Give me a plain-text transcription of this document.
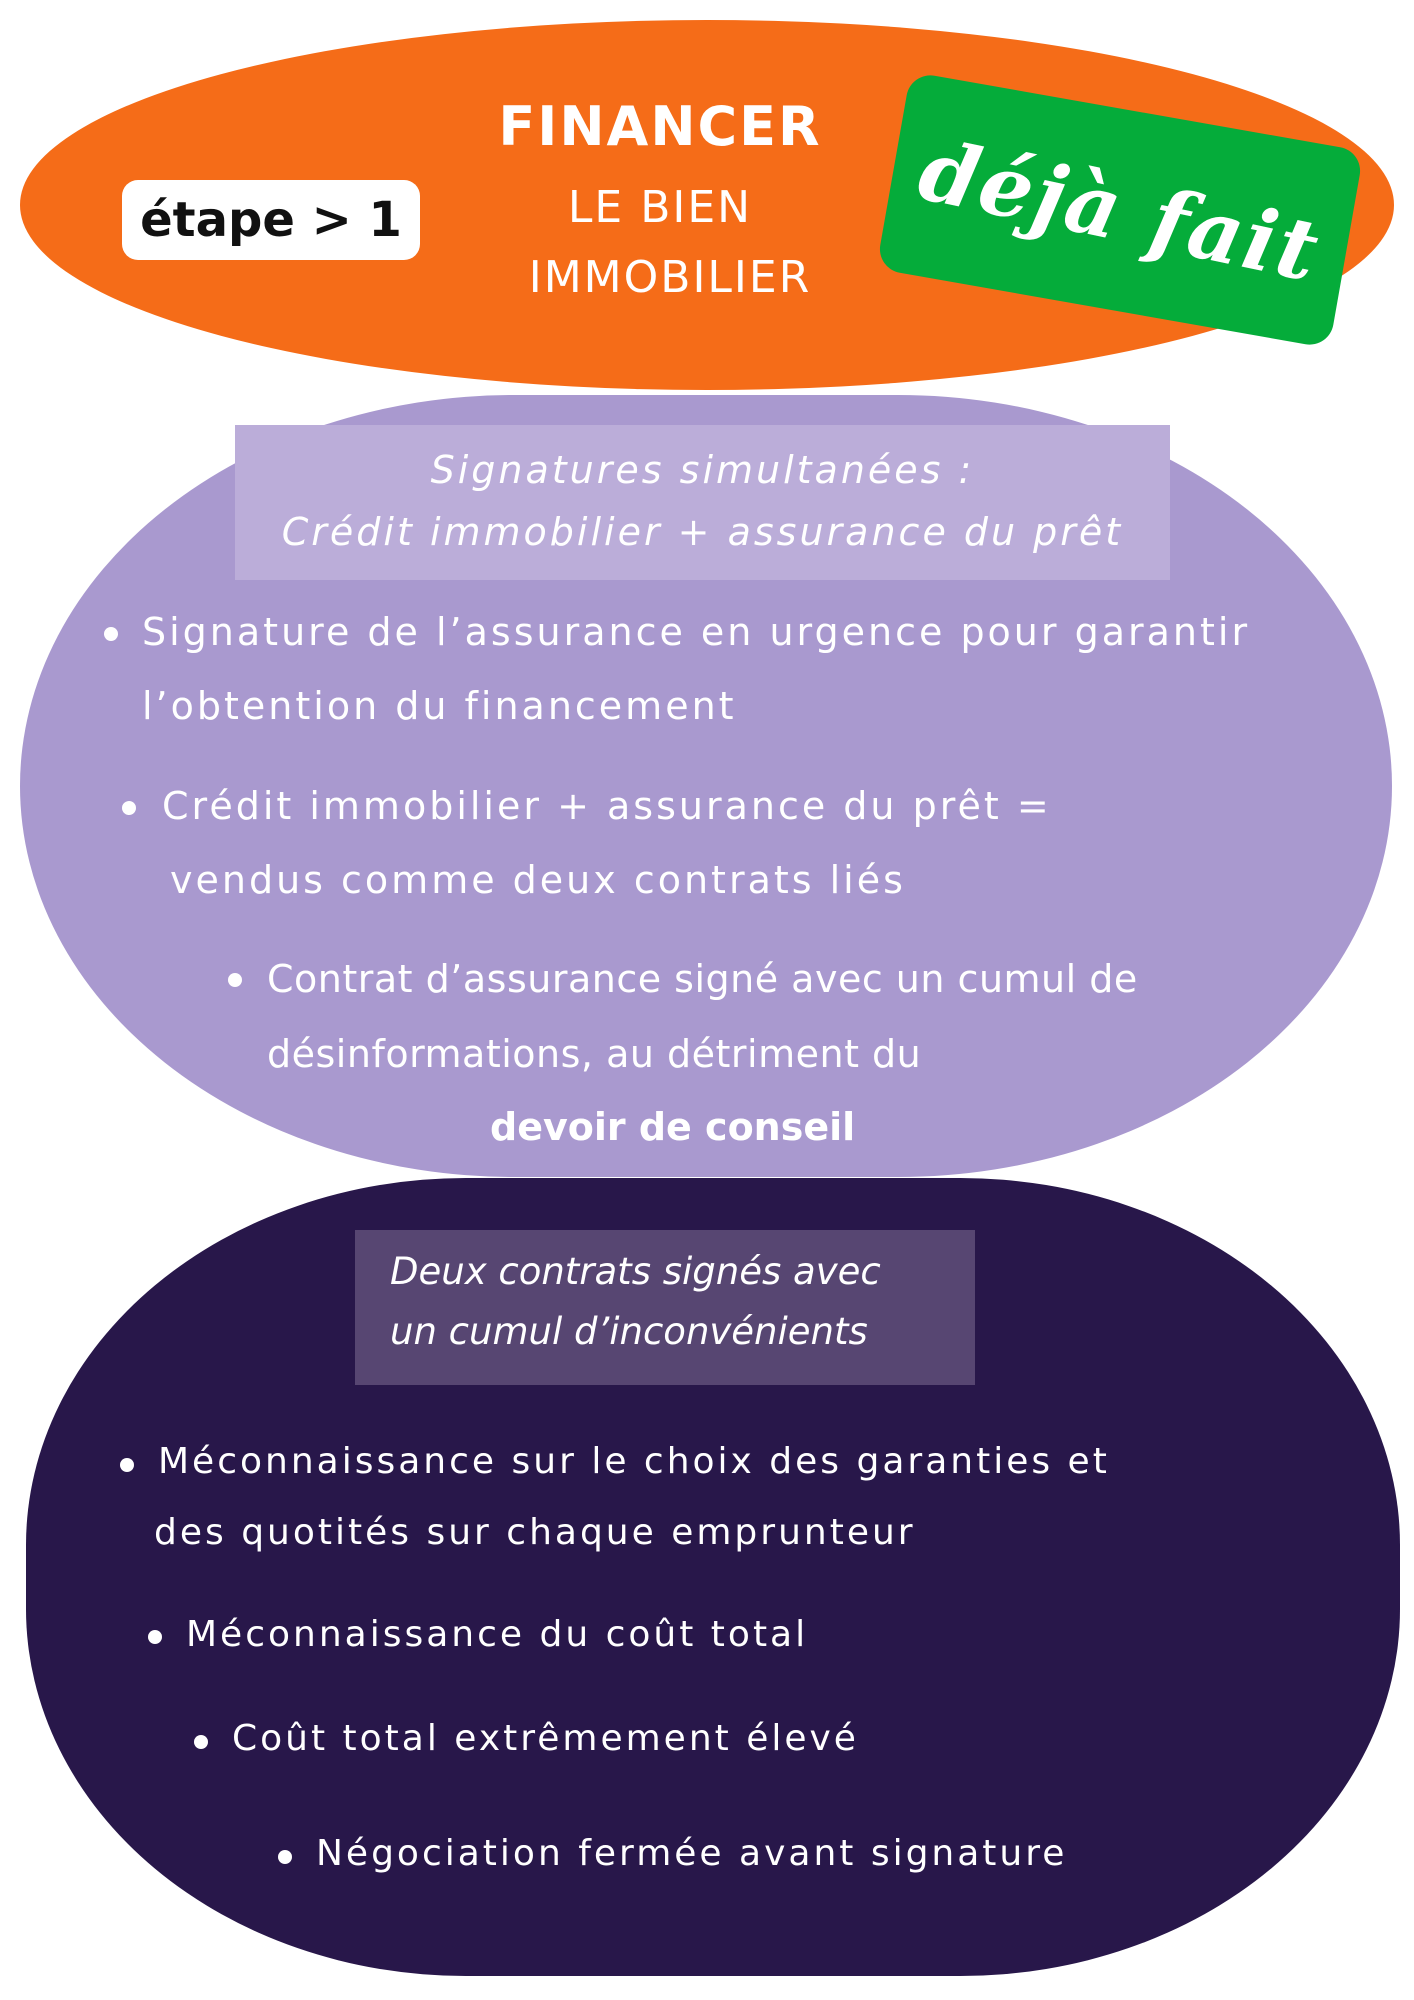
étape > 1
FINANCER
LE BIEN
IMMOBILIER	déjà fait
Signatures simultanées :
Crédit immobilier + assurance du prêt
Signature de l’assurance en urgence pour garantir
l’obtention du financement
Crédit immobilier + assurance du prêt =
vendus comme deux contrats liés
Contrat d’assurance signé avec un cumul de
désinformations, au détriment du
devoir de conseil
Deux contrats signés avec
un cumul d’inconvénients
Méconnaissance sur le choix des garanties et
des quotités sur chaque emprunteur
Méconnaissance du coût total
Coût total extrêmement élevé
Négociation fermée avant signature
